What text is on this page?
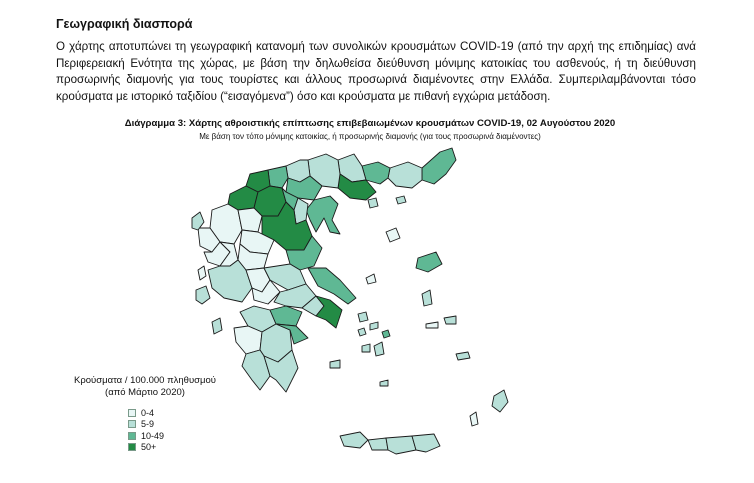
Γεωγραφική διασπορά
Ο χάρτης αποτυπώνει τη γεωγραφική κατανομή των συνολικών κρουσμάτων COVID-19 (από την αρχή της επιδημίας) ανά Περιφερειακή Ενότητα της χώρας, με βάση την δηλωθείσα διεύθυνση μόνιμης κατοικίας του ασθενούς, ή τη διεύθυνση προσωρινής διαμονής για τους τουρίστες και άλλους προσωρινά διαμένοντες στην Ελλάδα. Συμπεριλαμβάνονται τόσο κρούσματα με ιστορικό ταξιδίου (“εισαγόμενα”) όσο και κρούσματα με πιθανή εγχώρια μετάδοση.
Διάγραμμα 3: Χάρτης αθροιστικής επίπτωσης επιβεβαιωμένων κρουσμάτων COVID-19, 02 Αυγούστου 2020
Με βάση τον τόπο μόνιμης κατοικίας, ή προσωρινής διαμονής (για τους προσωρινά διαμένοντες)
Κρούσματα / 100.000 πληθυσμού
(από Μάρτιο 2020)
0-4
5-9
10-49
50+
